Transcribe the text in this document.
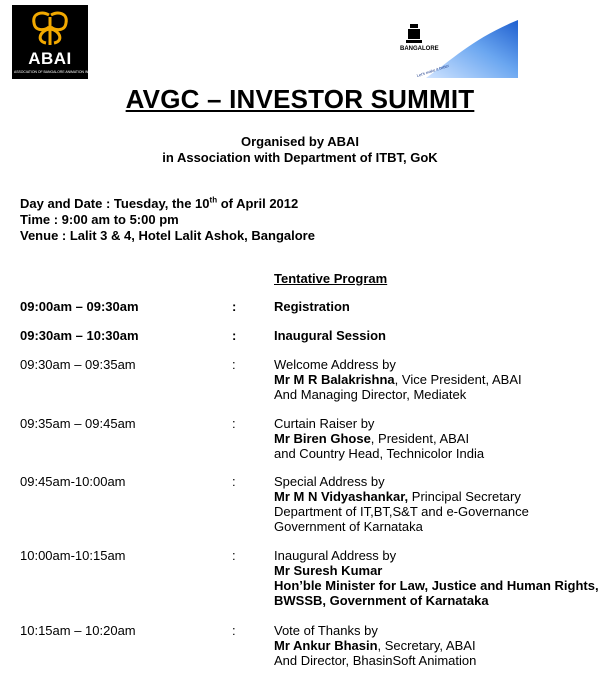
ABAI
ASSOCIATION OF BANGALORE ANIMATION INDUSTRY
BANGALORE
Let's make it better
AVGC – INVESTOR SUMMIT
Organised by ABAI
in Association with Department of ITBT, GoK
Day and Date : Tuesday, the 10th of April 2012
Time : 9:00 am to 5:00 pm
Venue : Lalit 3 & 4, Hotel Lalit Ashok, Bangalore
Tentative Program
09:00am – 09:30am	:	Registration
09:30am – 10:30am	:	Inaugural Session
09:30am – 09:35am	:	Welcome Address by
Mr M R Balakrishna, Vice President, ABAI
And Managing Director, Mediatek
09:35am – 09:45am	:	Curtain Raiser by
Mr Biren Ghose, President, ABAI
and Country Head, Technicolor India
09:45am-10:00am	:	Special Address by
Mr M N Vidyashankar, Principal Secretary
Department of IT,BT,S&T and e-Governance
Government of Karnataka
10:00am-10:15am	:	Inaugural Address by
Mr Suresh Kumar
Hon’ble Minister for Law, Justice and Human Rights,
BWSSB, Government of Karnataka
10:15am – 10:20am	:	Vote of Thanks by
Mr Ankur Bhasin, Secretary, ABAI
And Director, BhasinSoft Animation
